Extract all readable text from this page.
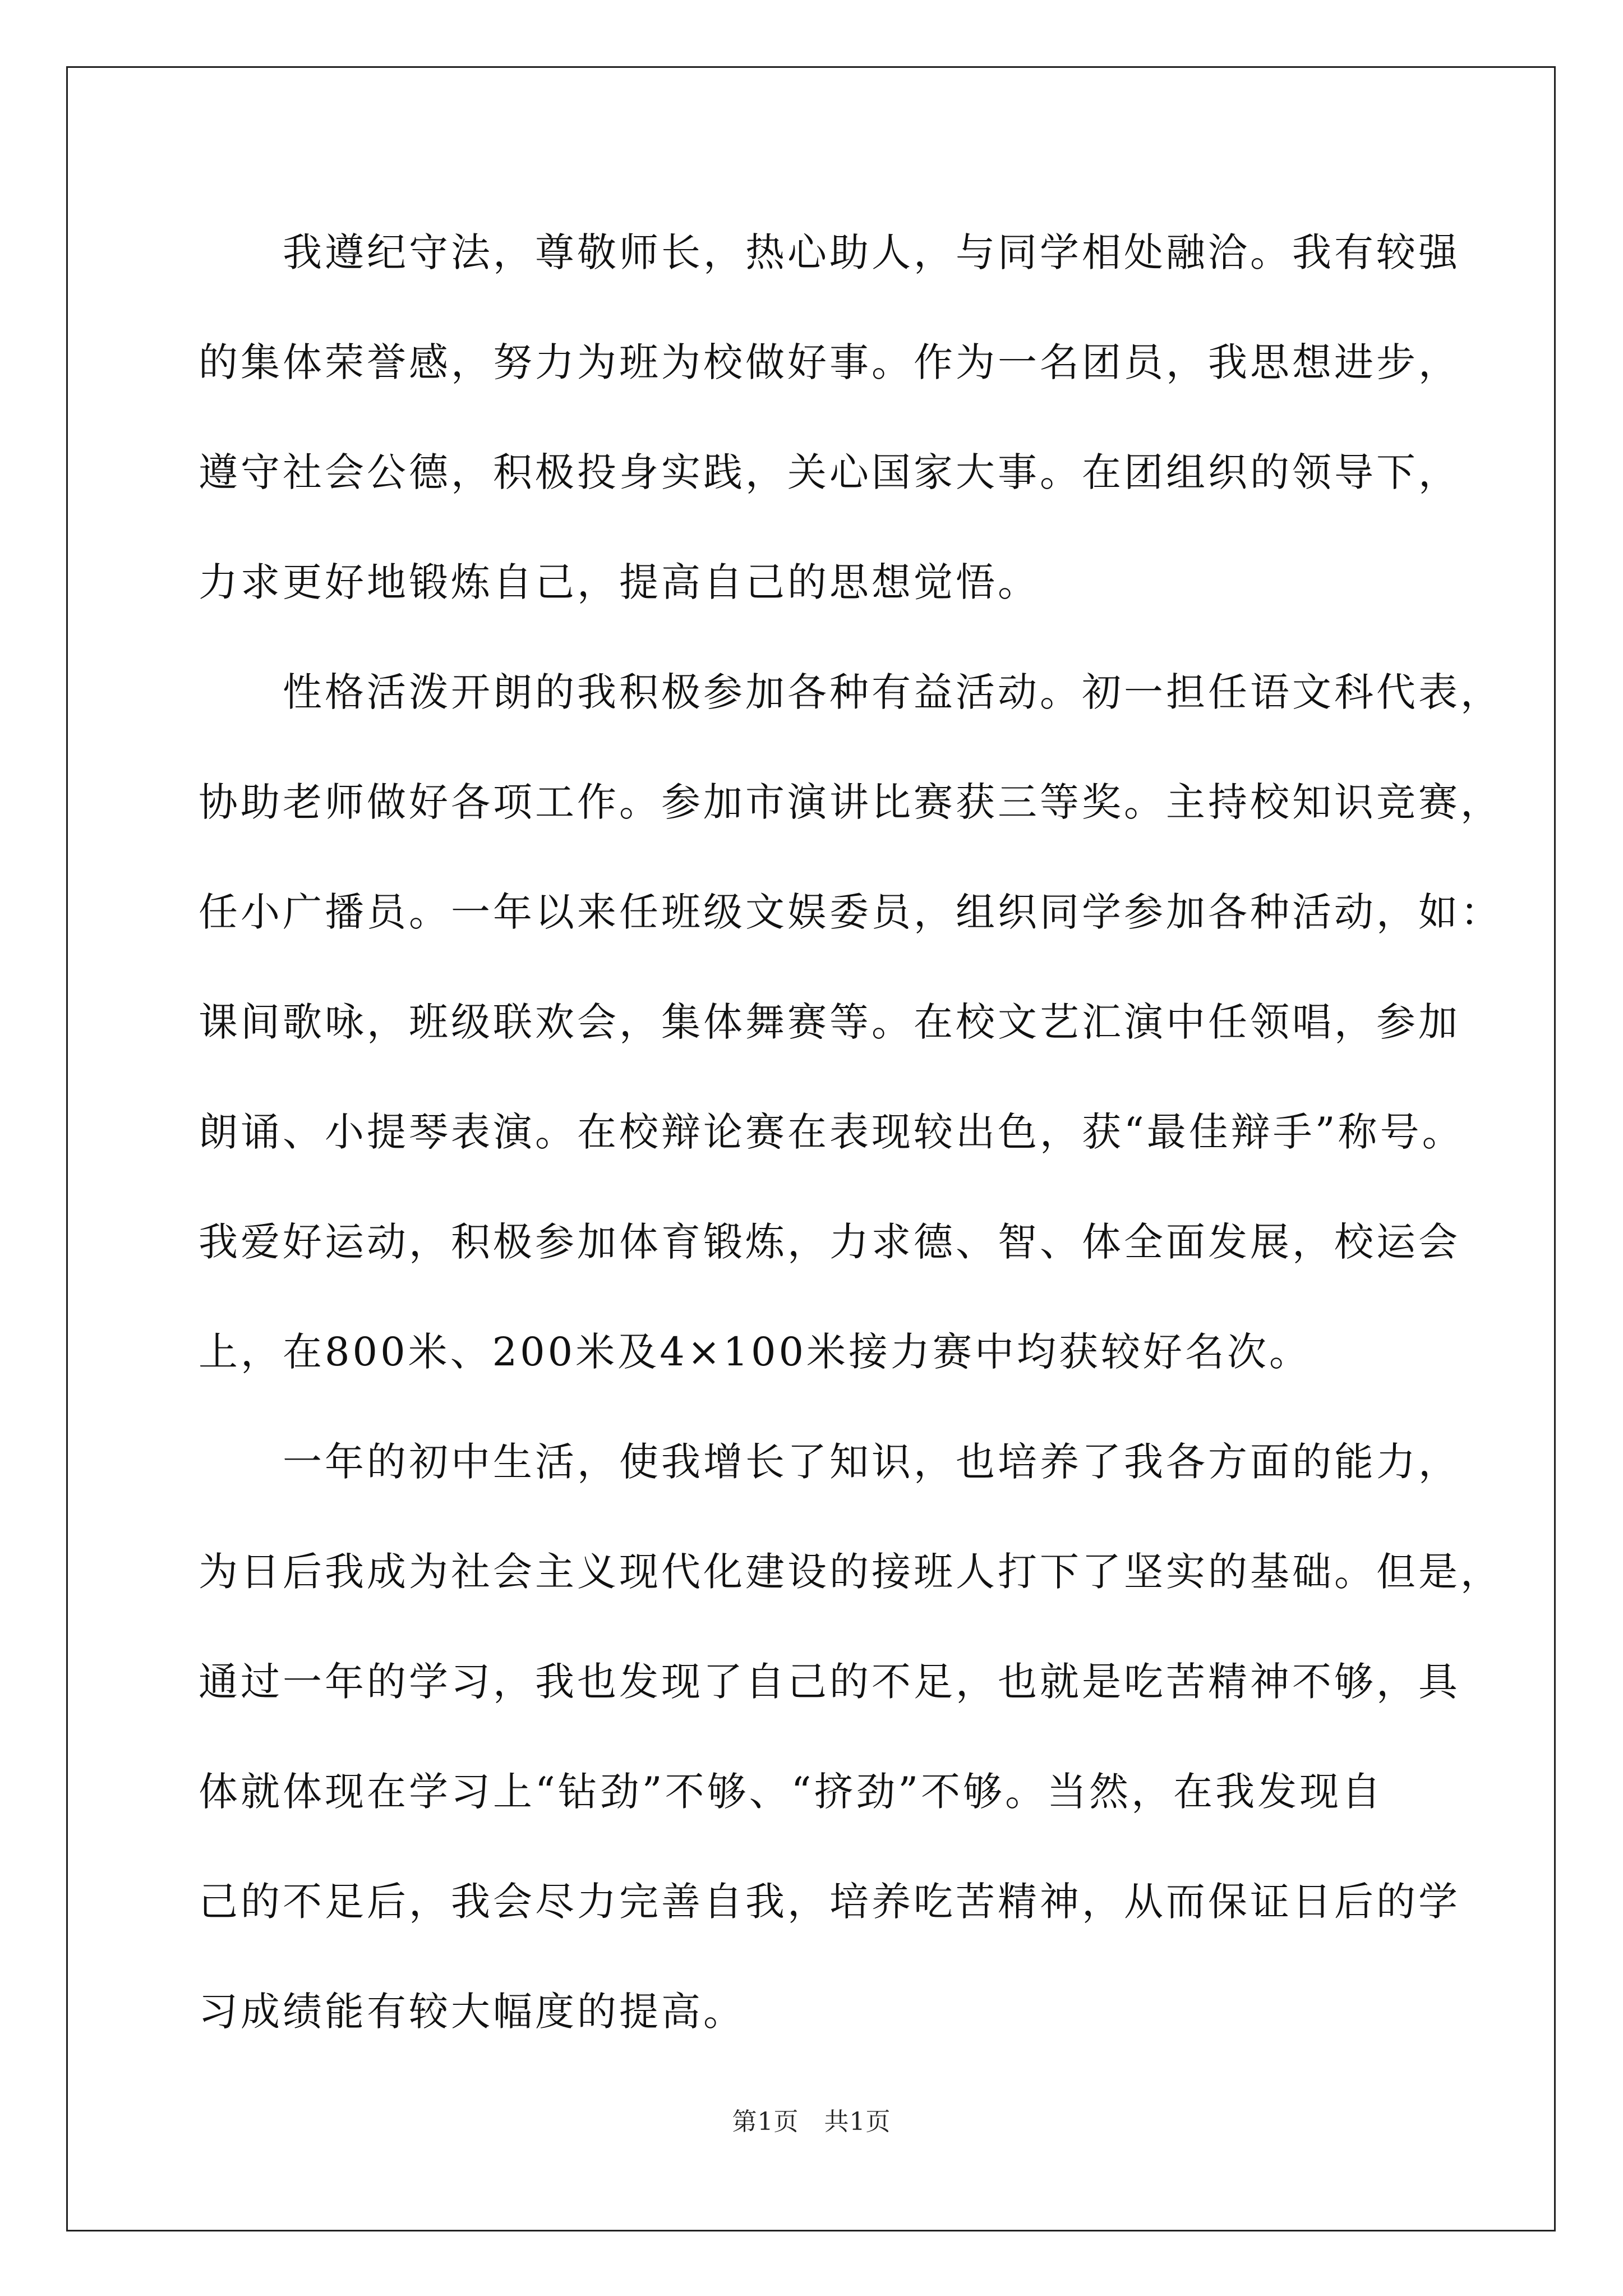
我遵纪守法，尊敬师长，热心助人，与同学相处融洽。我有较强
的集体荣誉感，努力为班为校做好事。作为一名团员，我思想进步，
遵守社会公德，积极投身实践，关心国家大事。在团组织的领导下，
力求更好地锻炼自己，提高自己的思想觉悟。
性格活泼开朗的我积极参加各种有益活动。初一担任语文科代表，
协助老师做好各项工作。参加市演讲比赛获三等奖。主持校知识竞赛，
任小广播员。一年以来任班级文娱委员，组织同学参加各种活动，如：
课间歌咏，班级联欢会，集体舞赛等。在校文艺汇演中任领唱，参加
朗诵、小提琴表演。在校辩论赛在表现较出色，获“最佳辩手”称号。
我爱好运动，积极参加体育锻炼，力求德、智、体全面发展，校运会
上，在800米、200米及4×100米接力赛中均获较好名次。
一年的初中生活，使我增长了知识，也培养了我各方面的能力，
为日后我成为社会主义现代化建设的接班人打下了坚实的基础。但是，
通过一年的学习，我也发现了自己的不足，也就是吃苦精神不够，具
体就体现在学习上“钻劲”不够、“挤劲”不够。当然，在我发现自
己的不足后，我会尽力完善自我，培养吃苦精神，从而保证日后的学
习成绩能有较大幅度的提高。
第1页   共1页
